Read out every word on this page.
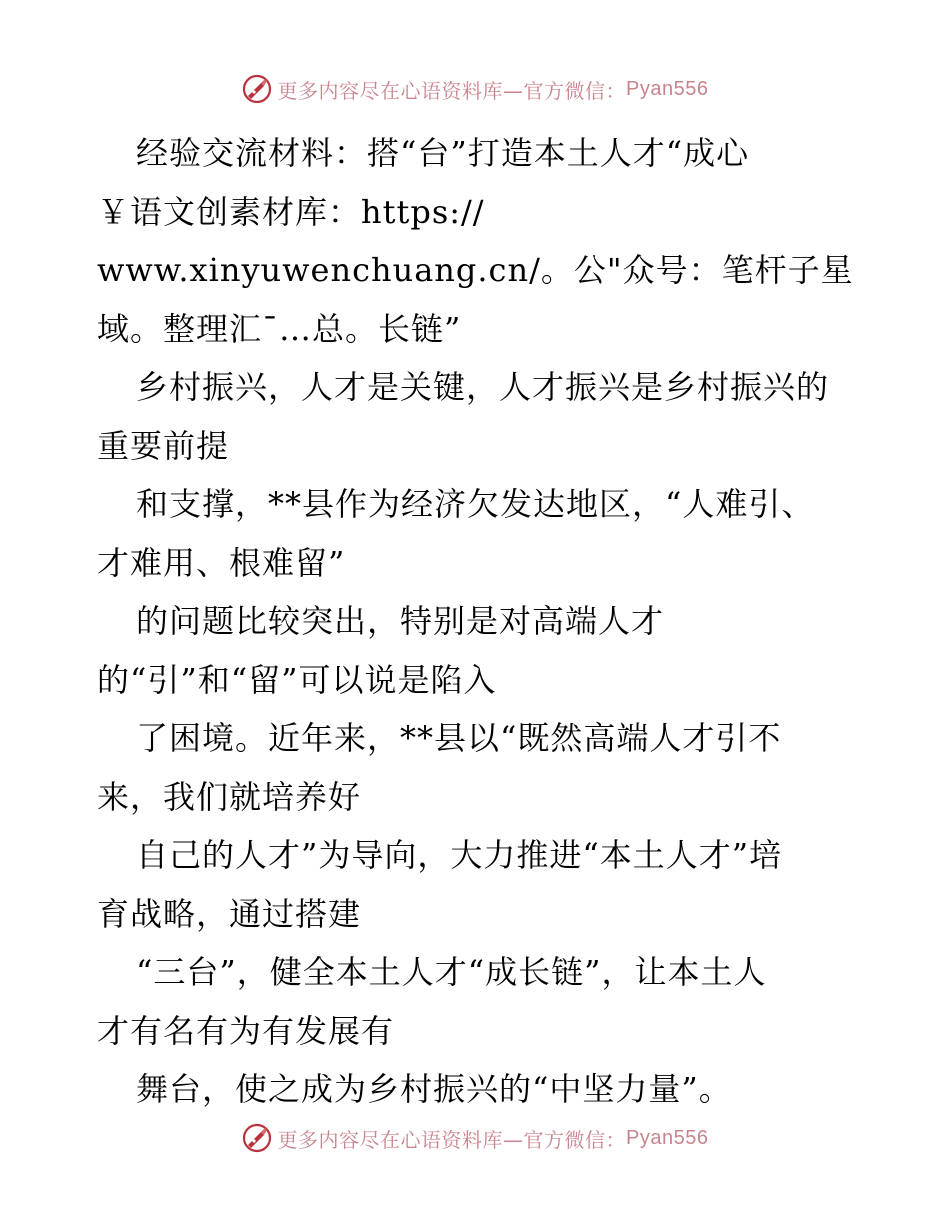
更多内容尽在心语资料库—官方微信： Pyan556
经验交流材料：搭“台”打造本土人才“成心
￥语文创素材库：https://
www.xinyuwenchuang.cn/。公"众号：笔杆子星
域。整理汇¯…总。长链”
乡村振兴，人才是关键，人才振兴是乡村振兴的
重要前提
和支撑，**县作为经济欠发达地区，“人难引、
才难用、根难留”
的问题比较突出，特别是对高端人才
的“引”和“留”可以说是陷入
了困境。近年来，**县以“既然高端人才引不
来，我们就培养好
自己的人才”为导向，大力推进“本土人才”培
育战略，通过搭建
“三台”，健全本土人才“成长链”，让本土人
才有名有为有发展有
舞台，使之成为乡村振兴的“中坚力量”。
更多内容尽在心语资料库—官方微信： Pyan556
